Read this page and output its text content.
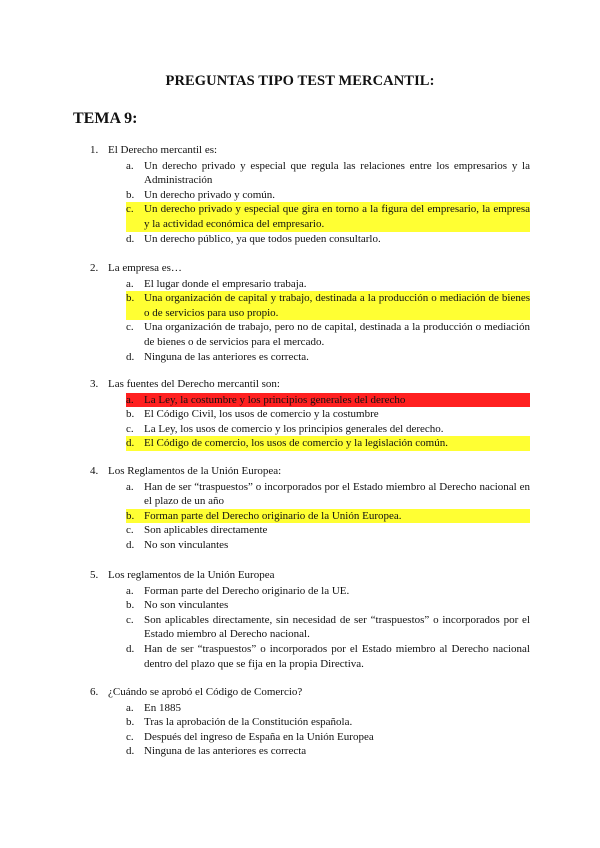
PREGUNTAS TIPO TEST MERCANTIL:
TEMA 9:
1. El Derecho mercantil es:
a. Un derecho privado y especial que regula las relaciones entre los empresarios y la Administración
b. Un derecho privado y común.
c. Un derecho privado y especial que gira en torno a la figura del empresario, la empresa y la actividad económica del empresario.
d. Un derecho público, ya que todos pueden consultarlo.
2. La empresa es…
a. El lugar donde el empresario trabaja.
b. Una organización de capital y trabajo, destinada a la producción o mediación de bienes o de servicios para uso propio.
c. Una organización de trabajo, pero no de capital, destinada a la producción o mediación de bienes o de servicios para el mercado.
d. Ninguna de las anteriores es correcta.
3. Las fuentes del Derecho mercantil son:
a. La Ley, la costumbre y los principios generales del derecho
b. El Código Civil, los usos de comercio y la costumbre
c. La Ley, los usos de comercio y los principios generales del derecho.
d. El Código de comercio, los usos de comercio y la legislación común.
4. Los Reglamentos de la Unión Europea:
a. Han de ser “traspuestos” o incorporados por el Estado miembro al Derecho nacional en el plazo de un año
b. Forman parte del Derecho originario de la Unión Europea.
c. Son aplicables directamente
d. No son vinculantes
5. Los reglamentos de la Unión Europea
a. Forman parte del Derecho originario de la UE.
b. No son vinculantes
c. Son aplicables directamente, sin necesidad de ser “traspuestos” o incorporados por el Estado miembro al Derecho nacional.
d. Han de ser “traspuestos” o incorporados por el Estado miembro al Derecho nacional dentro del plazo que se fija en la propia Directiva.
6. ¿Cuándo se aprobó el Código de Comercio?
a. En 1885
b. Tras la aprobación de la Constitución española.
c. Después del ingreso de España en la Unión Europea
d. Ninguna de las anteriores es correcta
